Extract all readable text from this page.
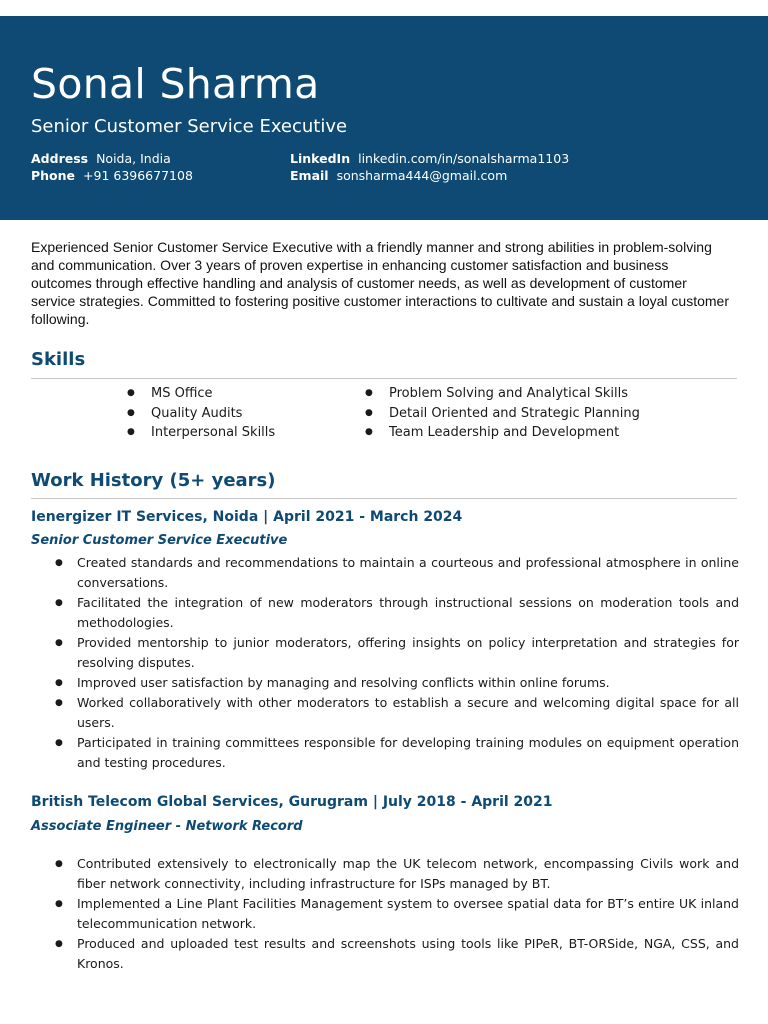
Sonal Sharma
Senior Customer Service Executive
Address Noida, India
Phone +91 6396677108
LinkedIn linkedin.com/in/sonalsharma1103
Email sonsharma444@gmail.com
Experienced Senior Customer Service Executive with a friendly manner and strong abilities in problem-solving and communication. Over 3 years of proven expertise in enhancing customer satisfaction and business outcomes through effective handling and analysis of customer needs, as well as development of customer service strategies. Committed to fostering positive customer interactions to cultivate and sustain a loyal customer following.
Skills
● MS Office
● Quality Audits
● Interpersonal Skills
● Problem Solving and Analytical Skills
● Detail Oriented and Strategic Planning
● Team Leadership and Development
Work History (5+ years)
Ienergizer IT Services, Noida | April 2021 - March 2024
Senior Customer Service Executive
● Created standards and recommendations to maintain a courteous and professional atmosphere in online conversations.
● Facilitated the integration of new moderators through instructional sessions on moderation tools and methodologies.
● Provided mentorship to junior moderators, offering insights on policy interpretation and strategies for resolving disputes.
● Improved user satisfaction by managing and resolving conflicts within online forums.
● Worked collaboratively with other moderators to establish a secure and welcoming digital space for all users.
● Participated in training committees responsible for developing training modules on equipment operation and testing procedures.
British Telecom Global Services, Gurugram | July 2018 - April 2021
Associate Engineer - Network Record
● Contributed extensively to electronically map the UK telecom network, encompassing Civils work and fiber network connectivity, including infrastructure for ISPs managed by BT.
● Implemented a Line Plant Facilities Management system to oversee spatial data for BT’s entire UK inland telecommunication network.
● Produced and uploaded test results and screenshots using tools like PIPeR, BT-ORSide, NGA, CSS, and Kronos.
